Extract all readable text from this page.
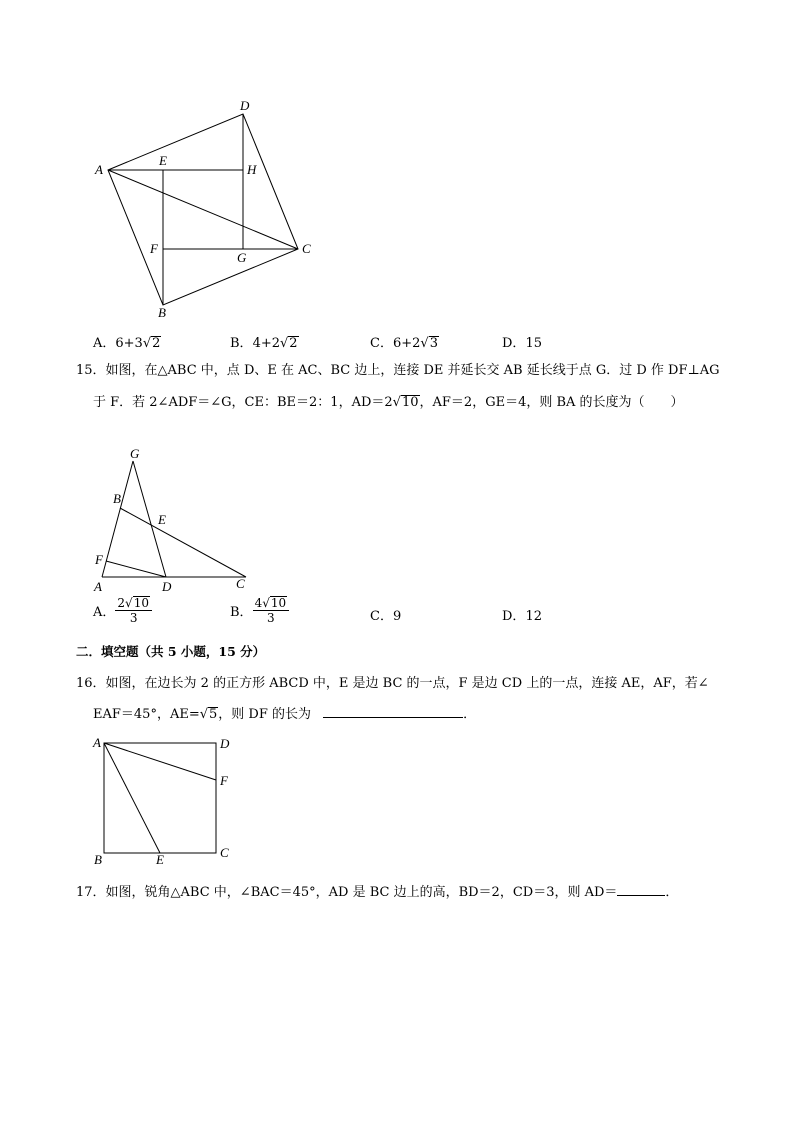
A
D
E
H
F
G
C
B
A．6+3√2	B．4+2√2	C．6+2√3	D．15
15．如图，在△ABC 中，点 D、E 在 AC、BC 边上，连接 DE 并延长交 AB 延长线于点 G．过 D 作 DF⊥AG
于 F．若 2∠ADF＝∠G，CE：BE＝2：1，AD＝2√10，AF＝2，GE＝4，则 BA 的长度为（　　）
G
B
E
F
A	D	C
A． $\frac{2√10}{3}$	B． $\frac{4√10}{3}$	C．9	D．12
二．填空题（共 5 小题，15 分）
16．如图，在边长为 2 的正方形 ABCD 中，E 是边 BC 的一点，F 是边 CD 上的一点，连接 AE，AF，若∠
EAF＝45°，AE=√5，则 DF 的长为	．
A	D
F
B	E	C
17．如图，锐角△ABC 中，∠BAC＝45°，AD 是 BC 边上的高，BD＝2，CD＝3，则 AD＝	．
